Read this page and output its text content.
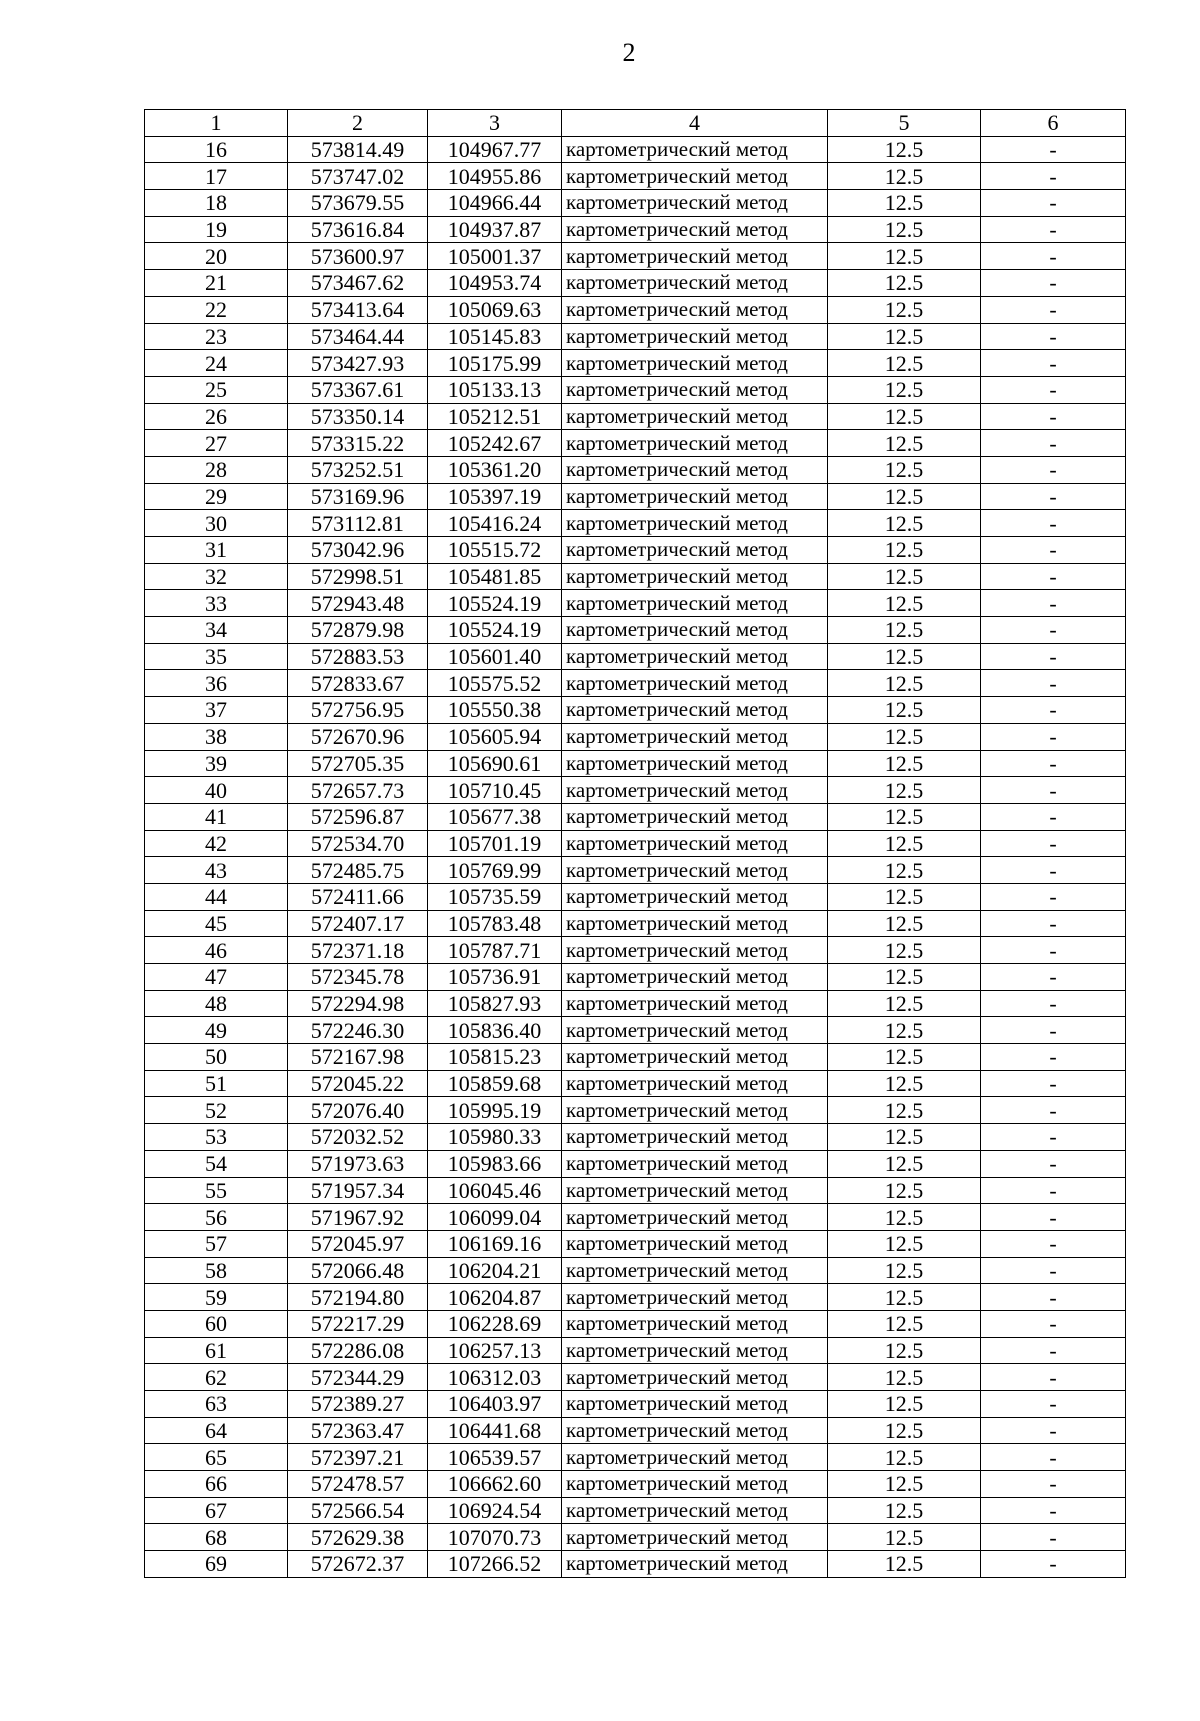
2
1	2	3	4	5	6
16	573814.49	104967.77	картометрический метод	12.5	-
17	573747.02	104955.86	картометрический метод	12.5	-
18	573679.55	104966.44	картометрический метод	12.5	-
19	573616.84	104937.87	картометрический метод	12.5	-
20	573600.97	105001.37	картометрический метод	12.5	-
21	573467.62	104953.74	картометрический метод	12.5	-
22	573413.64	105069.63	картометрический метод	12.5	-
23	573464.44	105145.83	картометрический метод	12.5	-
24	573427.93	105175.99	картометрический метод	12.5	-
25	573367.61	105133.13	картометрический метод	12.5	-
26	573350.14	105212.51	картометрический метод	12.5	-
27	573315.22	105242.67	картометрический метод	12.5	-
28	573252.51	105361.20	картометрический метод	12.5	-
29	573169.96	105397.19	картометрический метод	12.5	-
30	573112.81	105416.24	картометрический метод	12.5	-
31	573042.96	105515.72	картометрический метод	12.5	-
32	572998.51	105481.85	картометрический метод	12.5	-
33	572943.48	105524.19	картометрический метод	12.5	-
34	572879.98	105524.19	картометрический метод	12.5	-
35	572883.53	105601.40	картометрический метод	12.5	-
36	572833.67	105575.52	картометрический метод	12.5	-
37	572756.95	105550.38	картометрический метод	12.5	-
38	572670.96	105605.94	картометрический метод	12.5	-
39	572705.35	105690.61	картометрический метод	12.5	-
40	572657.73	105710.45	картометрический метод	12.5	-
41	572596.87	105677.38	картометрический метод	12.5	-
42	572534.70	105701.19	картометрический метод	12.5	-
43	572485.75	105769.99	картометрический метод	12.5	-
44	572411.66	105735.59	картометрический метод	12.5	-
45	572407.17	105783.48	картометрический метод	12.5	-
46	572371.18	105787.71	картометрический метод	12.5	-
47	572345.78	105736.91	картометрический метод	12.5	-
48	572294.98	105827.93	картометрический метод	12.5	-
49	572246.30	105836.40	картометрический метод	12.5	-
50	572167.98	105815.23	картометрический метод	12.5	-
51	572045.22	105859.68	картометрический метод	12.5	-
52	572076.40	105995.19	картометрический метод	12.5	-
53	572032.52	105980.33	картометрический метод	12.5	-
54	571973.63	105983.66	картометрический метод	12.5	-
55	571957.34	106045.46	картометрический метод	12.5	-
56	571967.92	106099.04	картометрический метод	12.5	-
57	572045.97	106169.16	картометрический метод	12.5	-
58	572066.48	106204.21	картометрический метод	12.5	-
59	572194.80	106204.87	картометрический метод	12.5	-
60	572217.29	106228.69	картометрический метод	12.5	-
61	572286.08	106257.13	картометрический метод	12.5	-
62	572344.29	106312.03	картометрический метод	12.5	-
63	572389.27	106403.97	картометрический метод	12.5	-
64	572363.47	106441.68	картометрический метод	12.5	-
65	572397.21	106539.57	картометрический метод	12.5	-
66	572478.57	106662.60	картометрический метод	12.5	-
67	572566.54	106924.54	картометрический метод	12.5	-
68	572629.38	107070.73	картометрический метод	12.5	-
69	572672.37	107266.52	картометрический метод	12.5	-
